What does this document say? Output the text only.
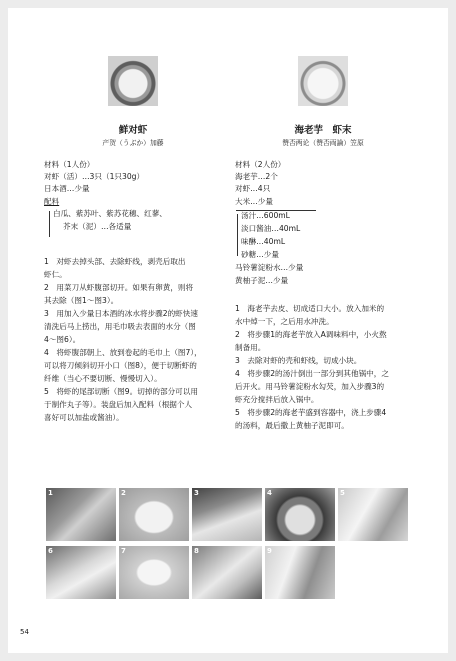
鲜对虾
产贺（うぶか）加藤
材料（1人份）
对虾（活）…3只（1只30g）
日本酒…少量
配料
白瓜、紫苏叶、紫苏花穗、红蓼、
芥末（泥）…各适量
1　对虾去掉头部、去除虾线，剥壳后取出
虾仁。
2　用菜刀从虾腹部切开。如果有卵黄，则将
其去除（图1～图3）。
3　用加入少量日本酒的冰水将步骤2的虾快速
清洗后马上捞出，用毛巾吸去表面的水分（图
4～图6）。
4　将虾腹部朝上、放到卷起的毛巾上（图7），
可以将刀倾斜切开小口（图8），便于切断虾的
纤维（当心不要切断、慢慢切入）。
5　将虾的尾部切断（图9。切掉的部分可以用
于制作丸子等）。装盘后加入配料（根据个人
喜好可以加盐或酱油）。
海老芋　虾末
赞否两论（赞否両論）笠原
材料（2人份）
海老芋…2个
对虾…4只
大米…少量
汤汁…600mL
淡口酱油…40mL
味醂…40mL
砂糖…少量
马铃薯淀粉水…少量
黄柚子泥…少量
1　海老芋去皮、切成适口大小。放入加米的
水中焯一下，之后用水冲洗。
2　将步骤1的海老芋放入A调味料中，小火熬
制备用。
3　去除对虾的壳和虾线，切成小块。
4　将步骤2的汤汁倒出一部分到其他锅中，之
后开火。用马铃薯淀粉水勾芡，加入步骤3的
虾充分搅拌后放入锅中。
5　将步骤2的海老芋盛到容器中，浇上步骤4
的汤料，最后撒上黄柚子泥即可。
1	2	3	4	5
6	7	8	9
54
